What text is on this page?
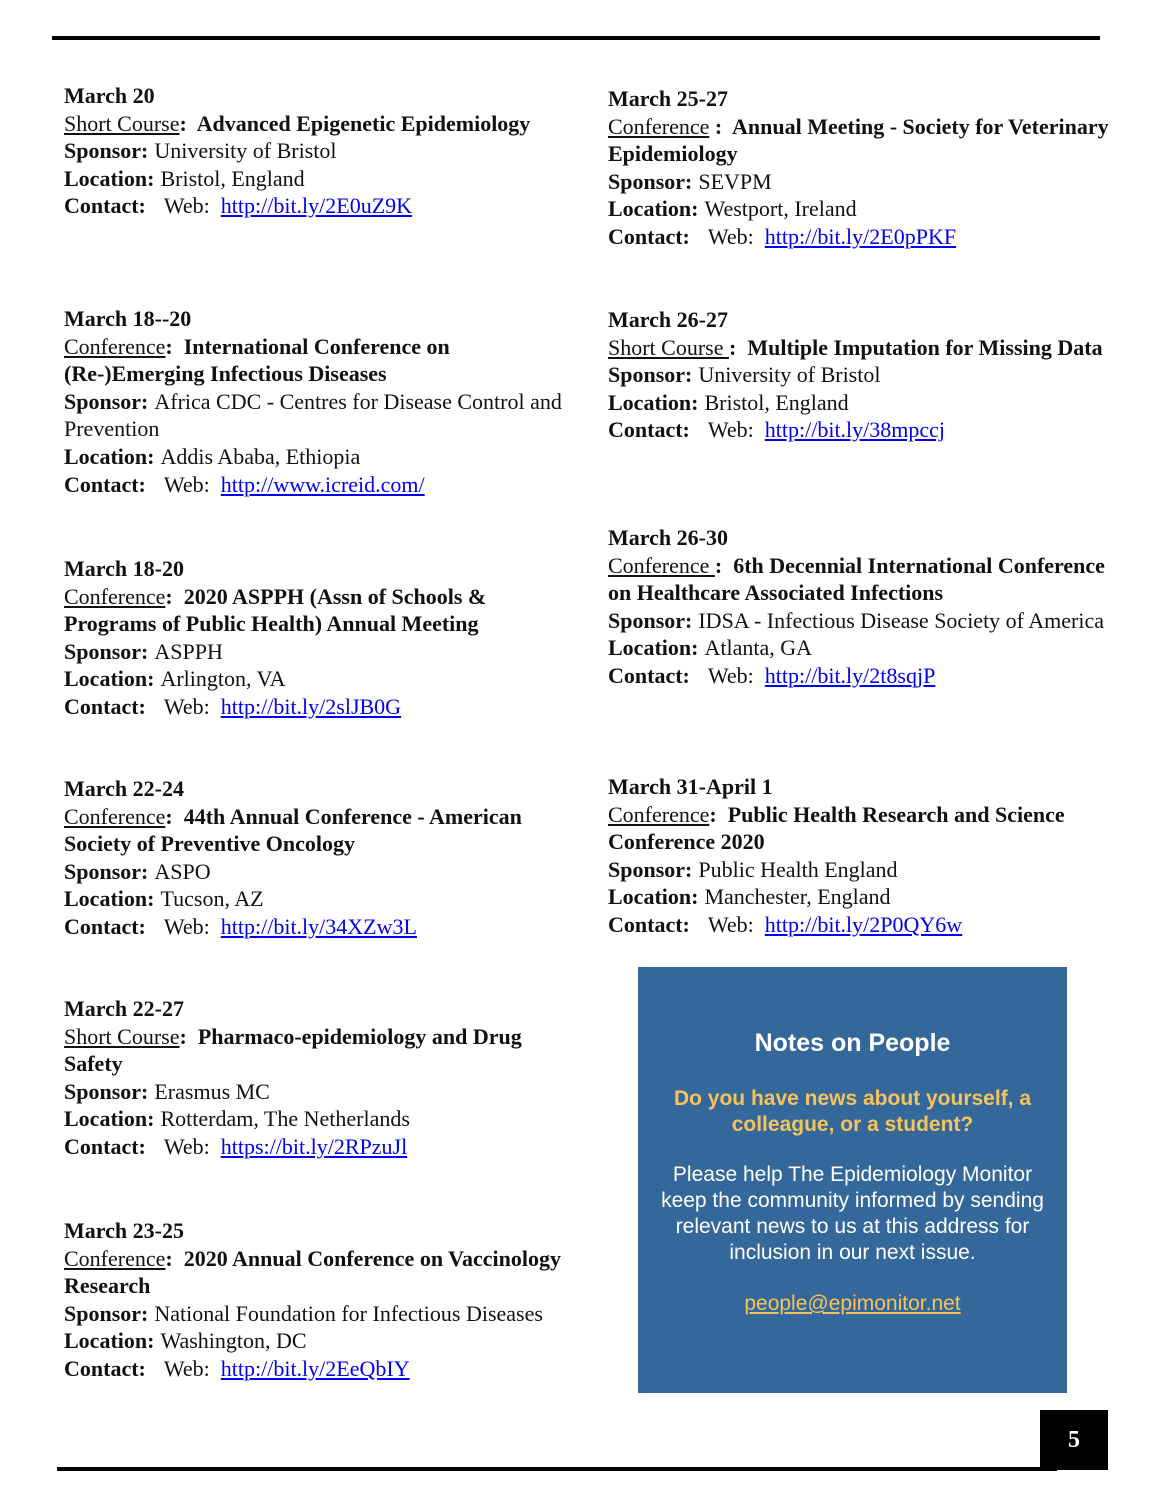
March 20
Short Course: Advanced Epigenetic Epidemiology
Sponsor: University of Bristol
Location: Bristol, England
Contact: Web: http://bit.ly/2E0uZ9K
March 18--20
Conference: International Conference on (Re-)Emerging Infectious Diseases
Sponsor: Africa CDC - Centres for Disease Control and Prevention
Location: Addis Ababa, Ethiopia
Contact: Web: http://www.icreid.com/
March 18-20
Conference: 2020 ASPPH (Assn of Schools & Programs of Public Health) Annual Meeting
Sponsor: ASPPH
Location: Arlington, VA
Contact: Web: http://bit.ly/2slJB0G
March 22-24
Conference: 44th Annual Conference - American Society of Preventive Oncology
Sponsor: ASPO
Location: Tucson, AZ
Contact: Web: http://bit.ly/34XZw3L
March 22-27
Short Course: Pharmaco-epidemiology and Drug Safety
Sponsor: Erasmus MC
Location: Rotterdam, The Netherlands
Contact: Web: https://bit.ly/2RPzuJl
March 23-25
Conference: 2020 Annual Conference on Vaccinology Research
Sponsor: National Foundation for Infectious Diseases
Location: Washington, DC
Contact: Web: http://bit.ly/2EeQbIY
March 25-27
Conference : Annual Meeting - Society for Veterinary Epidemiology
Sponsor: SEVPM
Location: Westport, Ireland
Contact: Web: http://bit.ly/2E0pPKF
March 26-27
Short Course : Multiple Imputation for Missing Data
Sponsor: University of Bristol
Location: Bristol, England
Contact: Web: http://bit.ly/38mpccj
March 26-30
Conference : 6th Decennial International Conference on Healthcare Associated Infections
Sponsor: IDSA - Infectious Disease Society of America
Location: Atlanta, GA
Contact: Web: http://bit.ly/2t8sqjP
March 31-April 1
Conference: Public Health Research and Science Conference 2020
Sponsor: Public Health England
Location: Manchester, England
Contact: Web: http://bit.ly/2P0QY6w
Notes on People
Do you have news about yourself, a colleague, or a student?
Please help The Epidemiology Monitor keep the community informed by sending relevant news to us at this address for inclusion in our next issue.
people@epimonitor.net
5
